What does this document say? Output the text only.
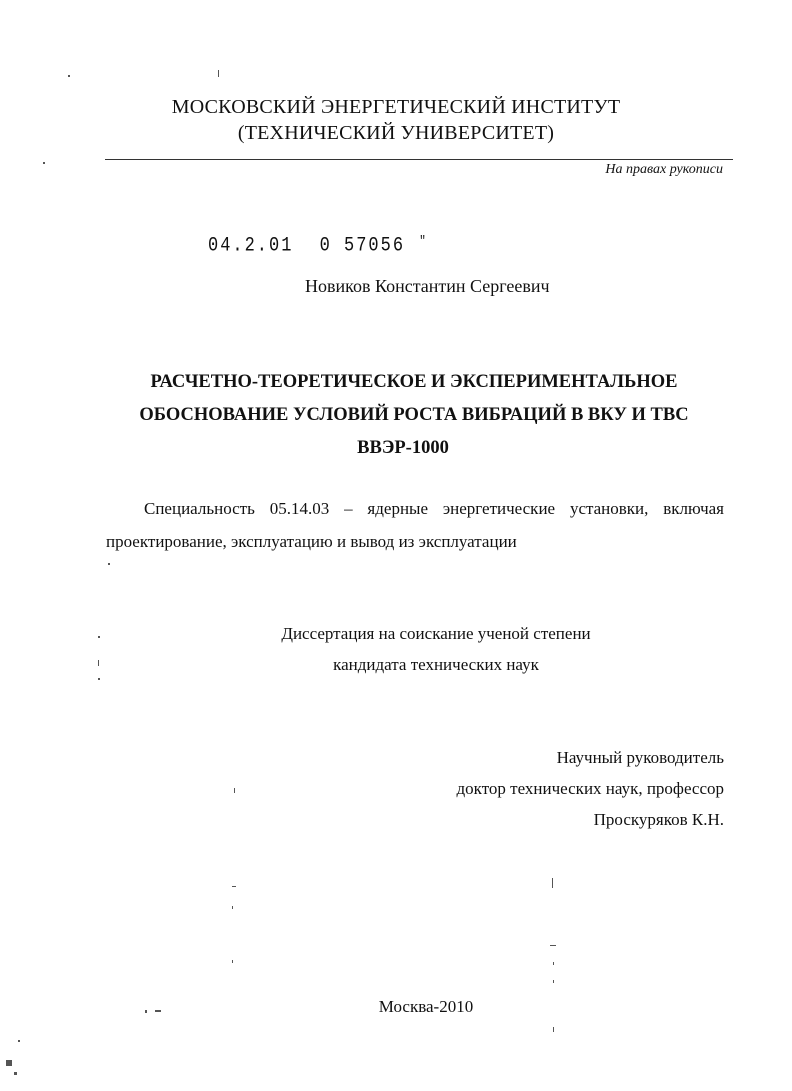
МОСКОВСКИЙ ЭНЕРГЕТИЧЕСКИЙ ИНСТИТУТ
(ТЕХНИЧЕСКИЙ УНИВЕРСИТЕТ)
На правах рукописи
04.2.01 0 57056 "
Новиков Константин Сергеевич
РАСЧЕТНО-ТЕОРЕТИЧЕСКОЕ И ЭКСПЕРИМЕНТАЛЬНОЕ
ОБОСНОВАНИЕ УСЛОВИЙ РОСТА ВИБРАЦИЙ В ВКУ И ТВС
ВВЭР-1000
Специальность 05.14.03 – ядерные энергетические установки, включая проектирование, эксплуатацию и вывод из эксплуатации
Диссертация на соискание ученой степени
кандидата технических наук
Научный руководитель
доктор технических наук, профессор
Проскуряков К.Н.
Москва-2010
